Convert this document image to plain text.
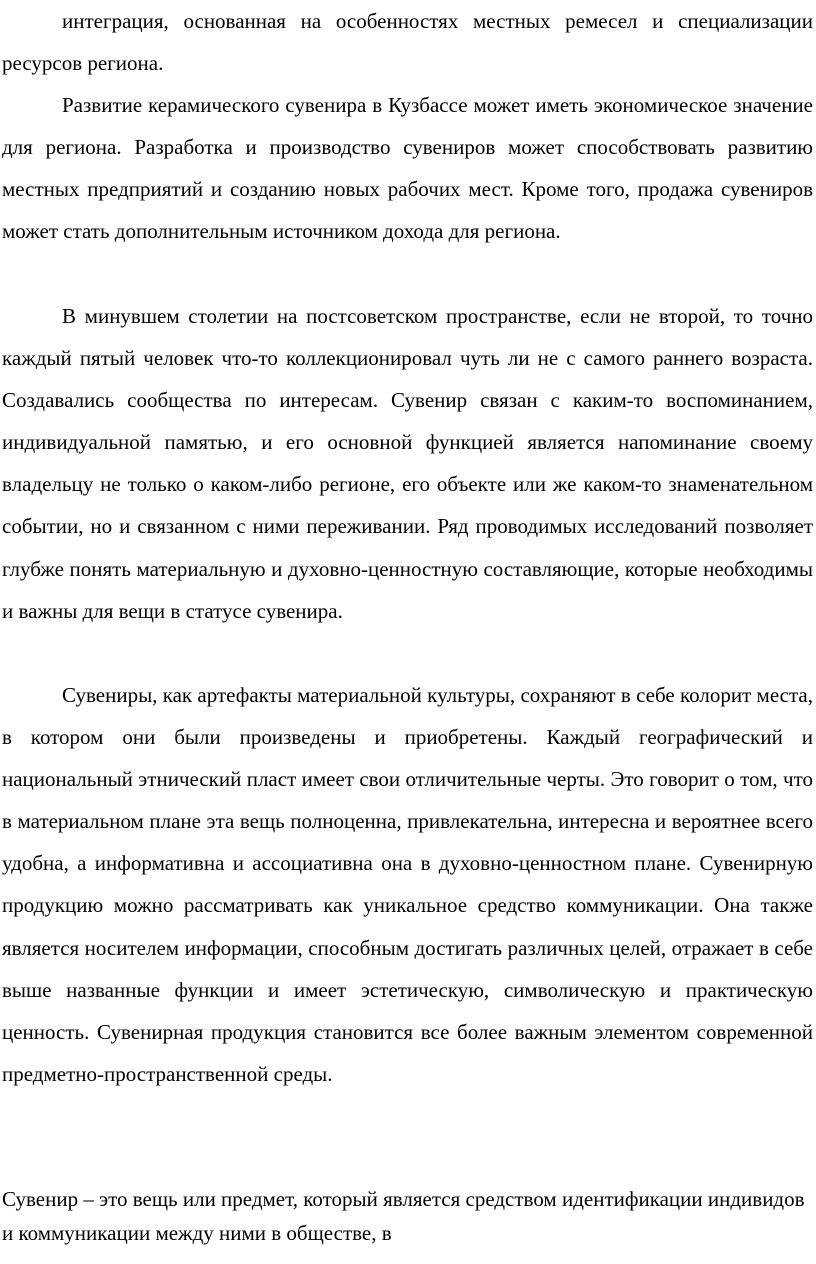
интеграция, основанная на особенностях местных ремесел и специализации ресурсов региона.

Развитие керамического сувенира в Кузбассе может иметь экономическое значение для региона. Разработка и производство сувениров может способствовать развитию местных предприятий и созданию новых рабочих мест. Кроме того, продажа сувениров может стать дополнительным источником дохода для региона.

В минувшем столетии на постсоветском пространстве, если не второй, то точно каждый пятый человек что-то коллекционировал чуть ли не с самого раннего возраста. Создавались сообщества по интересам. Сувенир связан с каким-то воспоминанием, индивидуальной памятью, и его основной функцией является напоминание своему владельцу не только о каком-либо регионе, его объекте или же каком-то знаменательном событии, но и связанном с ними переживании. Ряд проводимых исследований позволяет глубже понять материальную и духовно-ценностную составляющие, которые необходимы и важны для вещи в статусе сувенира.

Сувениры, как артефакты материальной культуры, сохраняют в себе колорит места, в котором они были произведены и приобретены. Каждый географический и национальный этнический пласт имеет свои отличительные черты. Это говорит о том, что в материальном плане эта вещь полноценна, привлекательна, интересна и вероятнее всего удобна, а информативна и ассоциативна она в духовно-ценностном плане. Сувенирную продукцию можно рассматривать как уникальное средство коммуникации. Она также является носителем информации, способным достигать различных целей, отражает в себе выше названные функции и имеет эстетическую, символическую и практическую ценность. Сувенирная продукция становится все более важным элементом современной предметно-пространственной среды.

Сувенир – это вещь или предмет, который является средством идентификации индивидов и коммуникации между ними в обществе, в
